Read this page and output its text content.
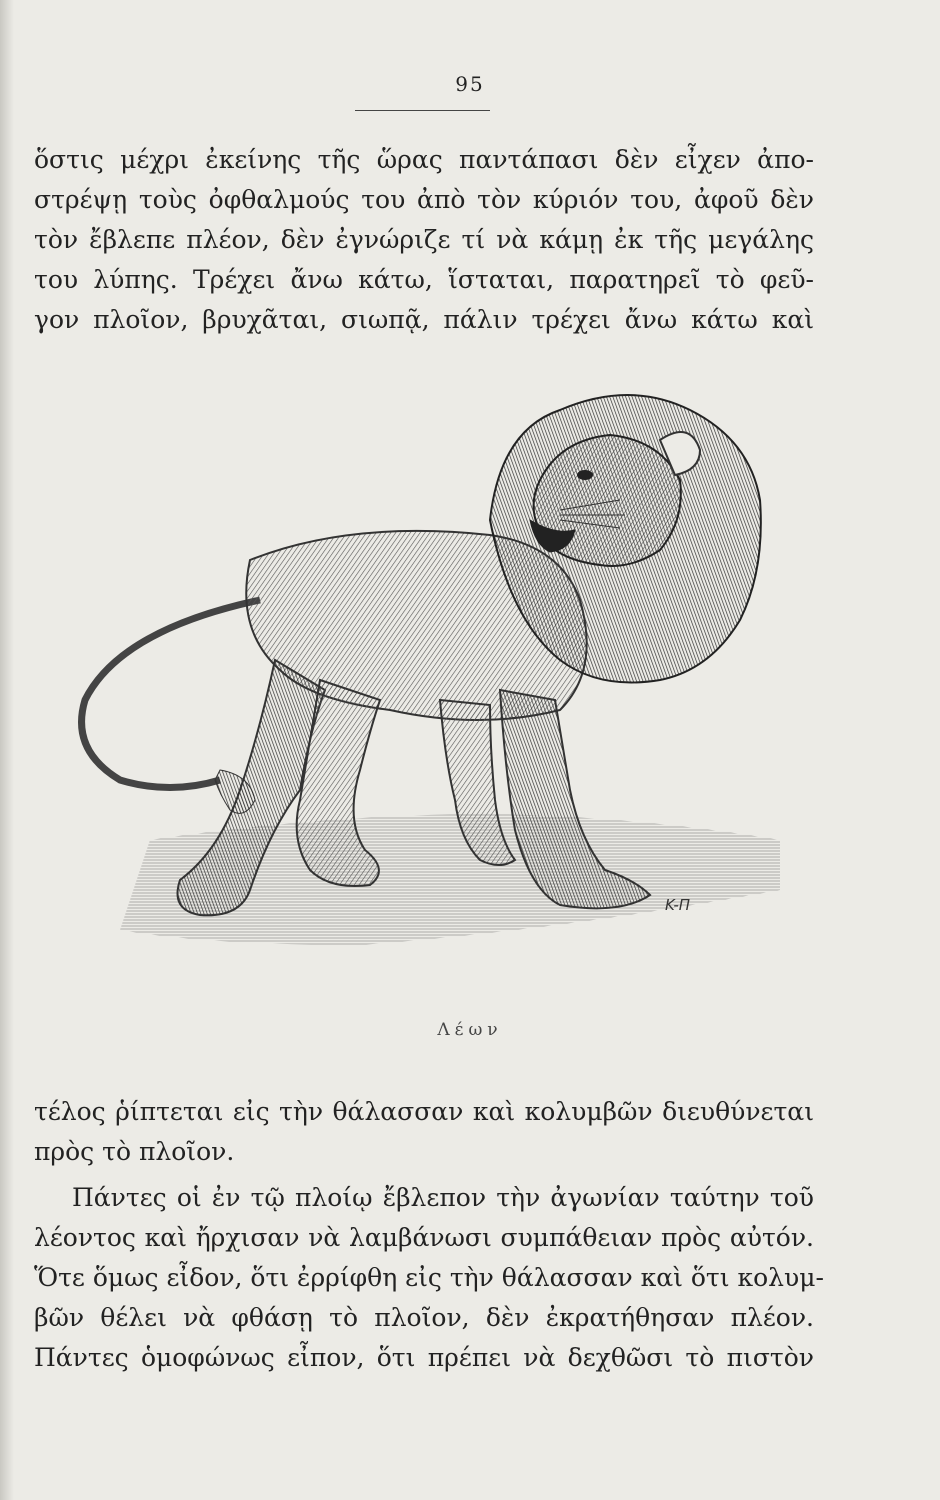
95
ὅστις μέχρι ἐκείνης τῆς ὥρας παντάπασι δὲν εἶχεν ἀπο-
στρέψῃ τοὺς ὀφθαλμούς του ἀπὸ τὸν κύριόν του, ἀφοῦ δὲν
τὸν ἔβλεπε πλέον, δὲν ἐγνώριζε τί νὰ κάμῃ ἐκ τῆς μεγάλης
του λύπης. Τρέχει ἄνω κάτω, ἵσταται, παρατηρεῖ τὸ φεῦ-
γον πλοῖον, βρυχᾶται, σιωπᾷ, πάλιν τρέχει ἄνω κάτω καὶ
K-Π
Λέων
τέλος ῥίπτεται εἰς τὴν θάλασσαν καὶ κολυμβῶν διευθύνεται
πρὸς τὸ πλοῖον.
Πάντες οἱ ἐν τῷ πλοίῳ ἔβλεπον τὴν ἀγωνίαν ταύτην τοῦ
λέοντος καὶ ἤρχισαν νὰ λαμβάνωσι συμπάθειαν πρὸς αὐτόν.
Ὅτε ὅμως εἶδον, ὅτι ἐρρίφθη εἰς τὴν θάλασσαν καὶ ὅτι κολυμ-
βῶν θέλει νὰ φθάσῃ τὸ πλοῖον, δὲν ἐκρατήθησαν πλέον.
Πάντες ὁμοφώνως εἶπον, ὅτι πρέπει νὰ δεχθῶσι τὸ πιστὸν
